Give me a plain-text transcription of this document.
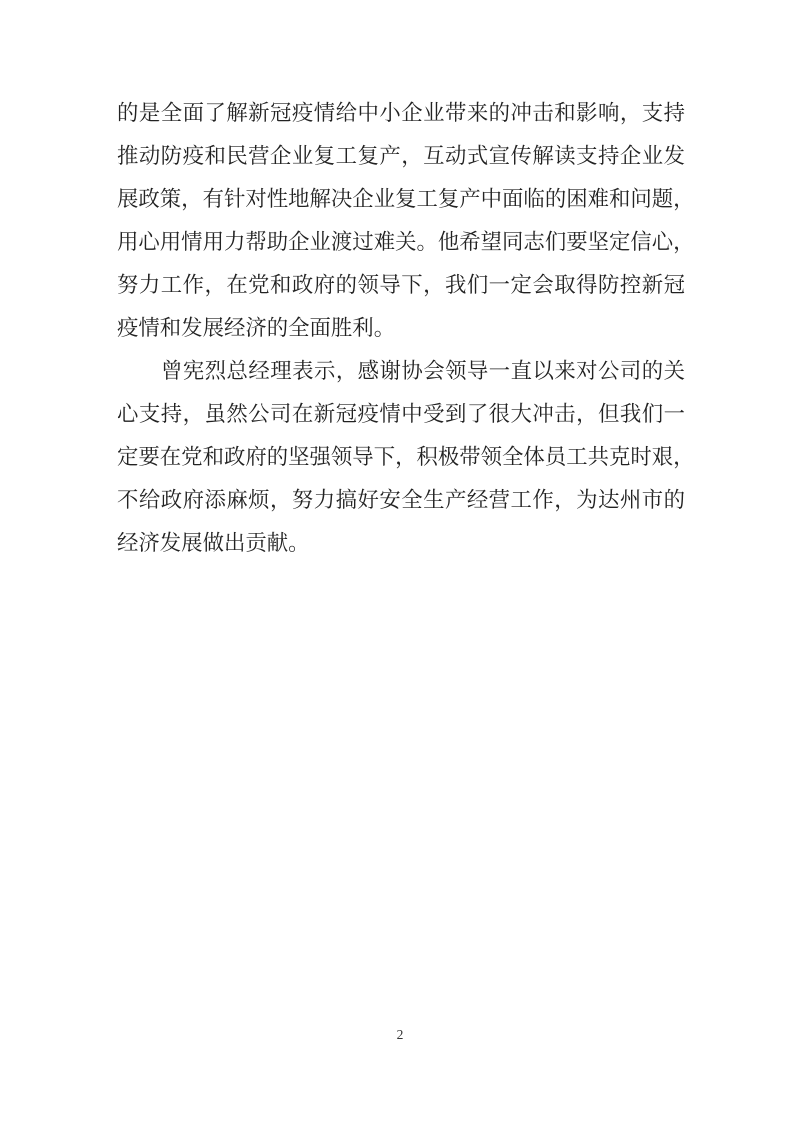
的是全面了解新冠疫情给中小企业带来的冲击和影响，支持
推动防疫和民营企业复工复产，互动式宣传解读支持企业发
展政策，有针对性地解决企业复工复产中面临的困难和问题，
用心用情用力帮助企业渡过难关。他希望同志们要坚定信心，
努力工作，在党和政府的领导下，我们一定会取得防控新冠
疫情和发展经济的全面胜利。
曾宪烈总经理表示，感谢协会领导一直以来对公司的关
心支持，虽然公司在新冠疫情中受到了很大冲击，但我们一
定要在党和政府的坚强领导下，积极带领全体员工共克时艰，
不给政府添麻烦，努力搞好安全生产经营工作，为达州市的
经济发展做出贡献。
2
